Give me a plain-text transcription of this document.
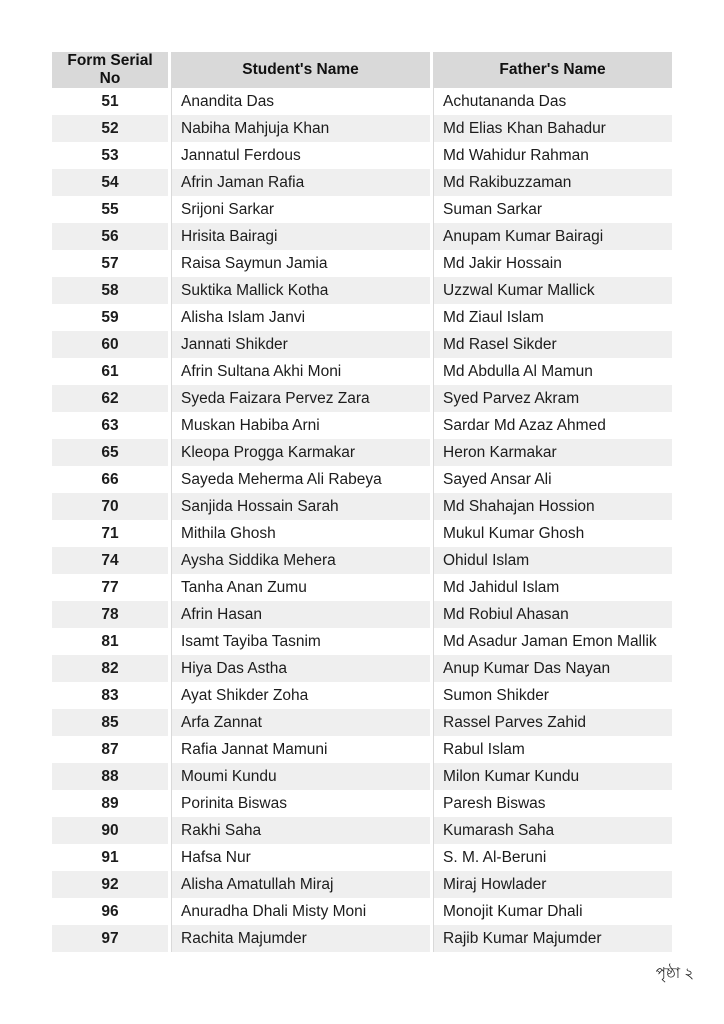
Form Serial No	Student's Name	Father's Name
51	Anandita Das	Achutananda Das
52	Nabiha Mahjuja Khan	Md Elias Khan Bahadur
53	Jannatul Ferdous	Md Wahidur Rahman
54	Afrin Jaman Rafia	Md Rakibuzzaman
55	Srijoni Sarkar	Suman Sarkar
56	Hrisita Bairagi	Anupam Kumar Bairagi
57	Raisa Saymun Jamia	Md Jakir Hossain
58	Suktika Mallick Kotha	Uzzwal Kumar Mallick
59	Alisha Islam Janvi	Md Ziaul Islam
60	Jannati Shikder	Md Rasel Sikder
61	Afrin Sultana Akhi Moni	Md Abdulla Al Mamun
62	Syeda Faizara Pervez Zara	Syed Parvez Akram
63	Muskan Habiba Arni	Sardar Md Azaz Ahmed
65	Kleopa Progga Karmakar	Heron Karmakar
66	Sayeda Meherma Ali Rabeya	Sayed Ansar Ali
70	Sanjida Hossain Sarah	Md Shahajan Hossion
71	Mithila Ghosh	Mukul Kumar Ghosh
74	Aysha Siddika Mehera	Ohidul Islam
77	Tanha Anan Zumu	Md Jahidul Islam
78	Afrin Hasan	Md Robiul Ahasan
81	Isamt Tayiba Tasnim	Md Asadur Jaman Emon Mallik
82	Hiya Das Astha	Anup Kumar Das Nayan
83	Ayat Shikder Zoha	Sumon Shikder
85	Arfa Zannat	Rassel Parves Zahid
87	Rafia Jannat Mamuni	Rabul Islam
88	Moumi Kundu	Milon Kumar Kundu
89	Porinita Biswas	Paresh Biswas
90	Rakhi Saha	Kumarash Saha
91	Hafsa Nur	S. M. Al-Beruni
92	Alisha Amatullah Miraj	Miraj Howlader
96	Anuradha Dhali Misty Moni	Monojit Kumar Dhali
97	Rachita Majumder	Rajib Kumar Majumder
পৃষ্ঠা ২
